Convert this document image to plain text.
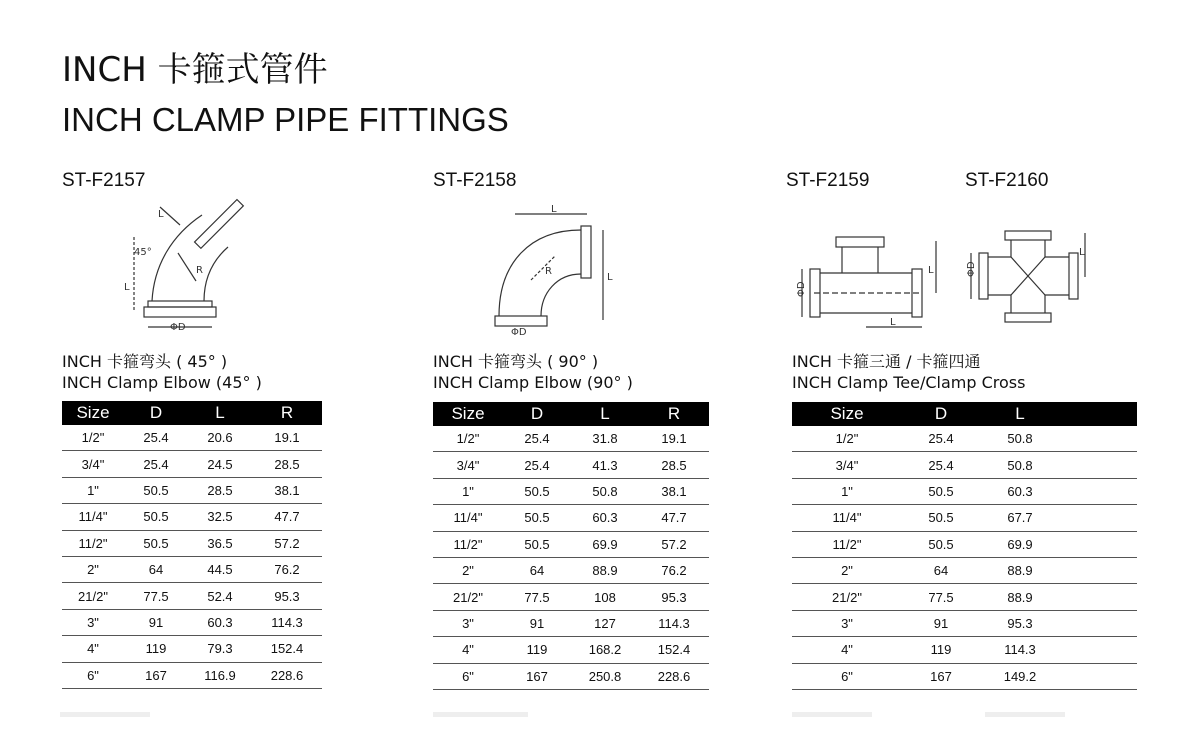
INCH 卡箍式管件
INCH CLAMP PIPE FITTINGS
ST-F2157
45°
L
L
R
ΦD
INCH 卡箍弯头 ( 45° )
INCH Clamp Elbow (45° )
Size	D	L	R
1/2"	25.4	20.6	19.1
3/4"	25.4	24.5	28.5
1"	50.5	28.5	38.1
11/4"	50.5	32.5	47.7
11/2"	50.5	36.5	57.2
2"	64	44.5	76.2
21/2"	77.5	52.4	95.3
3"	91	60.3	114.3
4"	119	79.3	152.4
6"	167	116.9	228.6
ST-F2158
L
L
R
ΦD
INCH 卡箍弯头 ( 90° )
INCH Clamp Elbow (90° )
Size	D	L	R
1/2"	25.4	31.8	19.1
3/4"	25.4	41.3	28.5
1"	50.5	50.8	38.1
11/4"	50.5	60.3	47.7
11/2"	50.5	69.9	57.2
2"	64	88.9	76.2
21/2"	77.5	108	95.3
3"	91	127	114.3
4"	119	168.2	152.4
6"	167	250.8	228.6
ST-F2159	ST-F2160
L
L
ΦD
L
ΦD
INCH 卡箍三通 / 卡箍四通
INCH Clamp Tee/Clamp Cross
Size	D	L	
1/2"	25.4	50.8	
3/4"	25.4	50.8	
1"	50.5	60.3	
11/4"	50.5	67.7	
11/2"	50.5	69.9	
2"	64	88.9	
21/2"	77.5	88.9	
3"	91	95.3	
4"	119	114.3	
6"	167	149.2	
